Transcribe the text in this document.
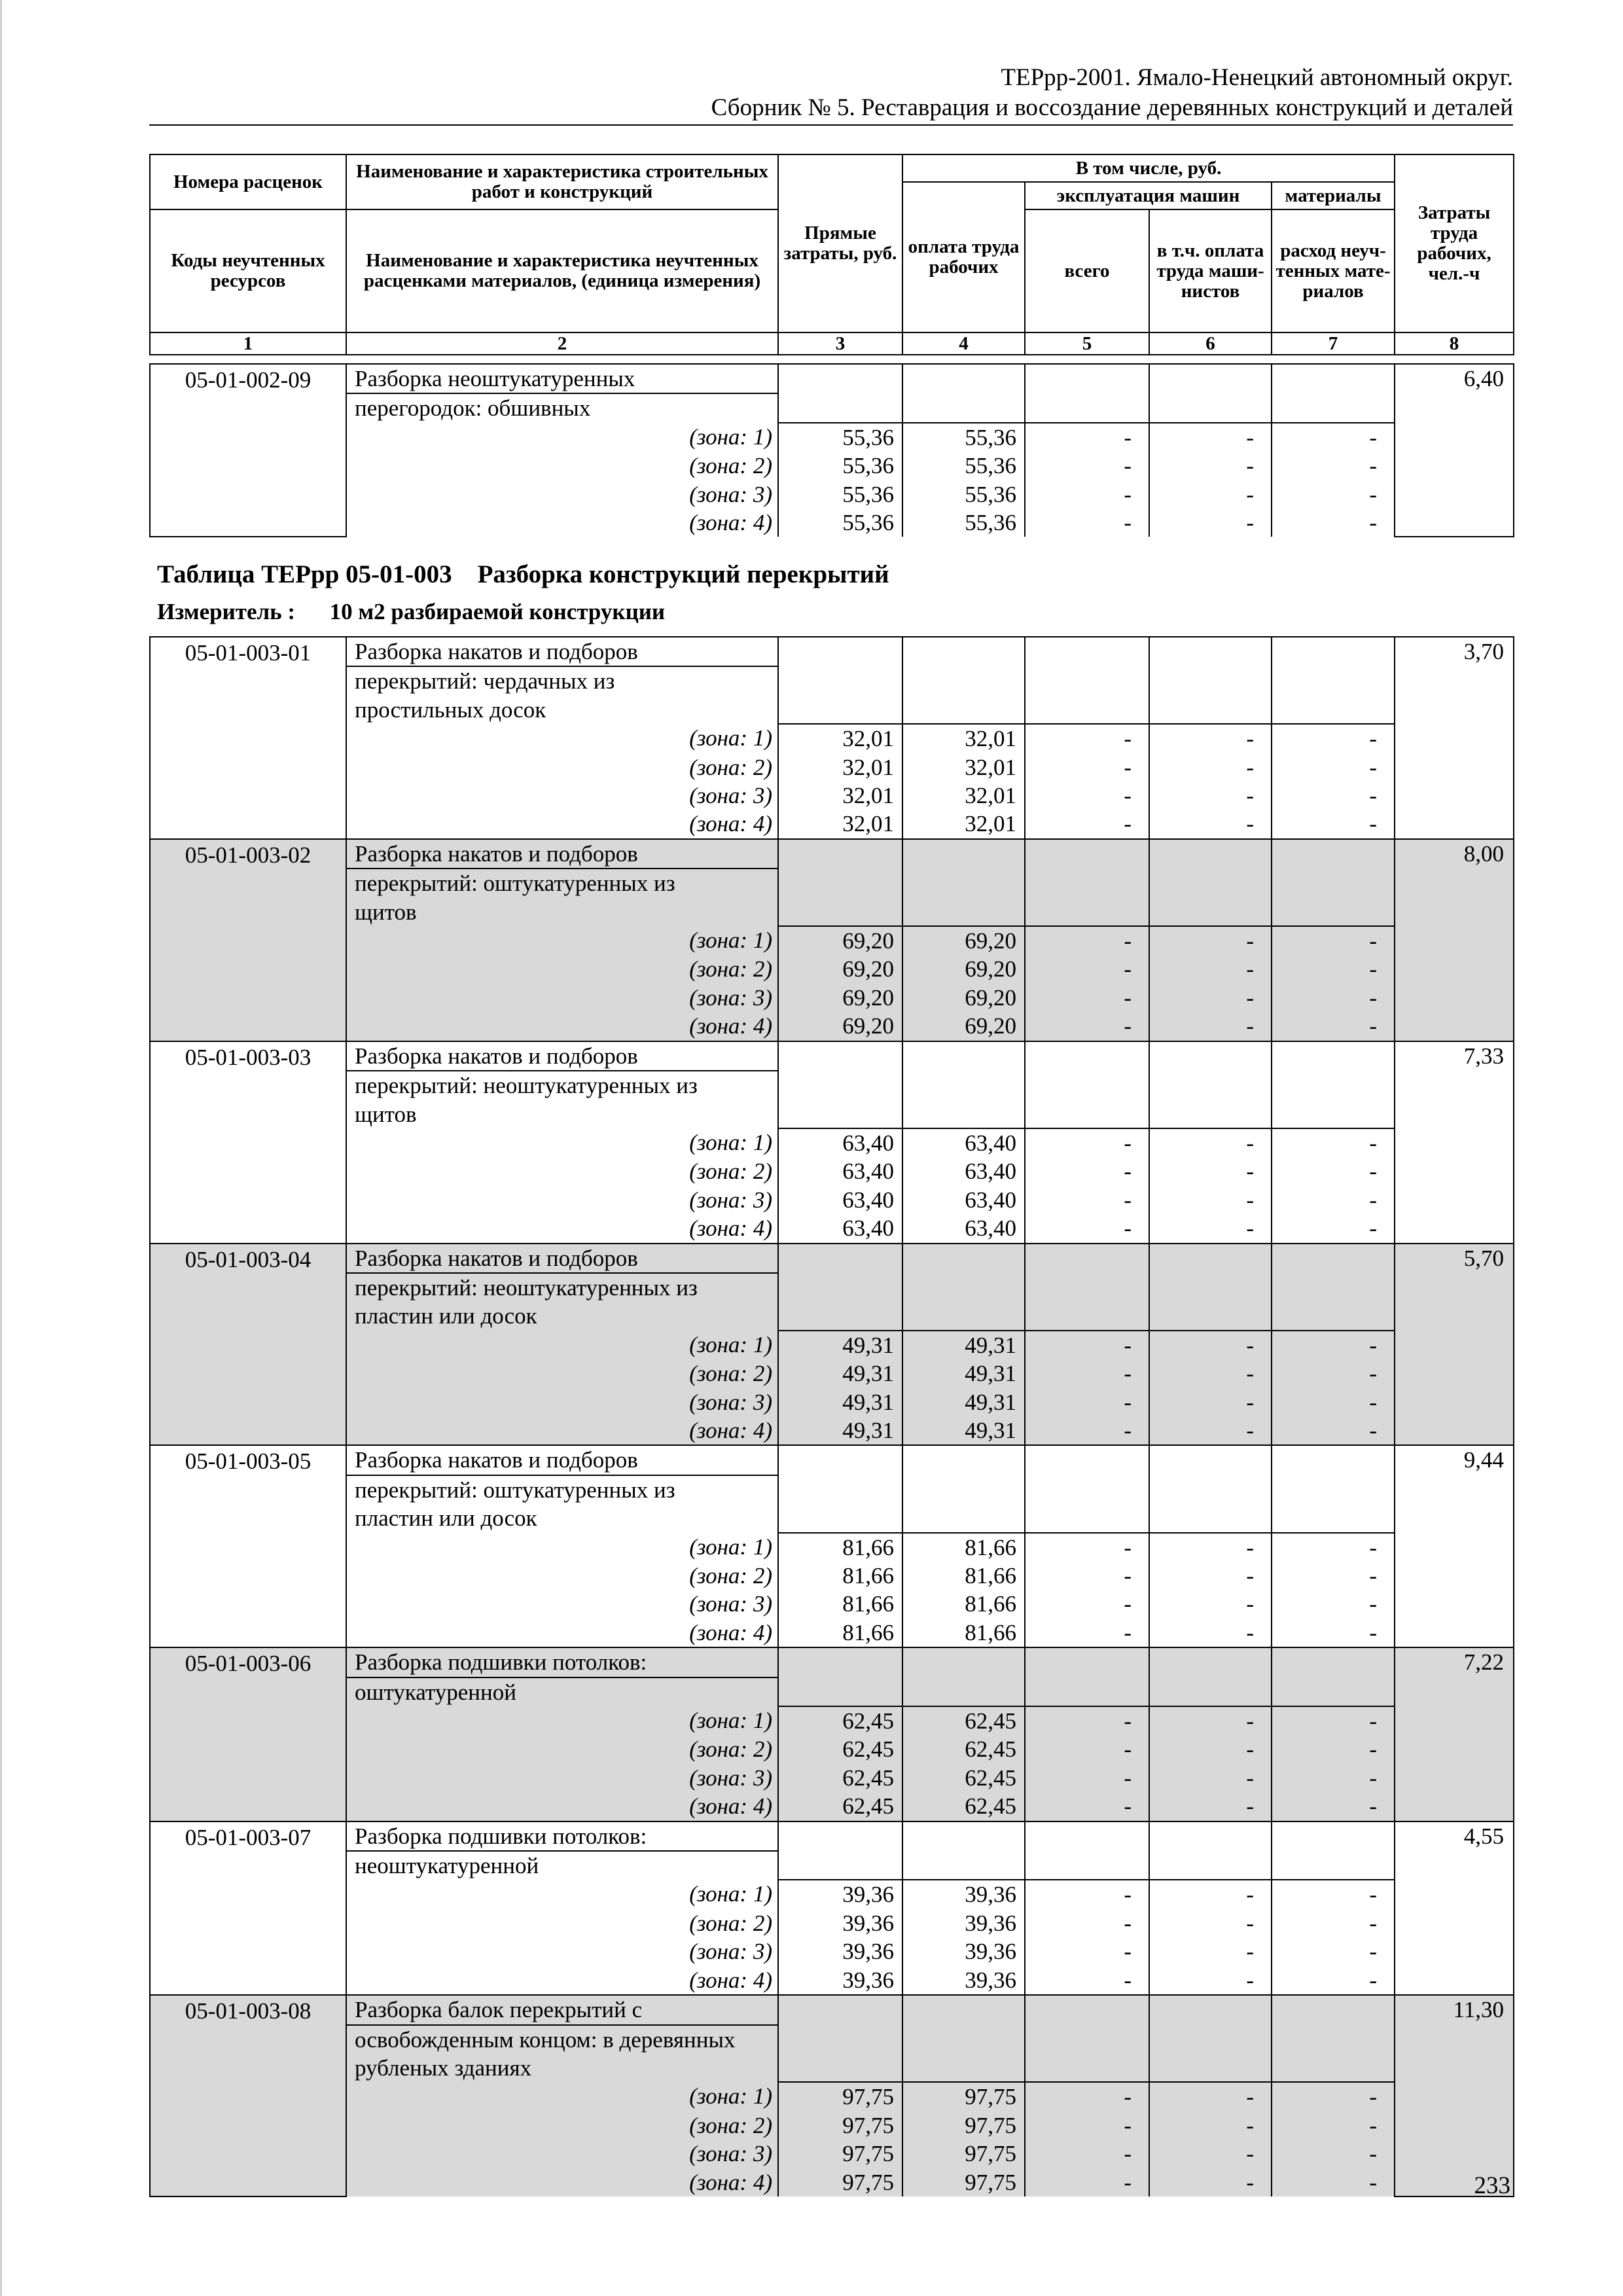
ТЕРрр-2001. Ямало-Ненецкий автономный округ.
Сборник № 5. Реставрация и воссоздание деревянных конструкций и деталей
Номера расценок	Наименование и характеристика строительных работ и конструкций	Прямые затраты, руб.	В том числе, руб.				Затраты труда рабочих, чел.-ч
			оплата труда рабочих	эксплуатация машин		материалы	
Коды неучтенных ресурсов	Наименование и характеристика неучтенных расценками материалов, (единица измерения)			всего	в т.ч. оплата труда маши-нистов	расход неуч-тенных мате-риалов	
1	2	3	4	5	6	7	8
05-01-002-09	Разборка неоштукатуренных						6,40
	перегородок: обшивных						
	(зона: 1)	55,36	55,36	-	-	-	
	(зона: 2)	55,36	55,36	-	-	-	
	(зона: 3)	55,36	55,36	-	-	-	
	(зона: 4)	55,36	55,36	-	-	-	
Таблица ТЕРрр 05-01-003    Разборка конструкций перекрытий
Измеритель :      10 м2 разбираемой конструкции
05-01-003-01	Разборка накатов и подборов						3,70
	перекрытий: чердачных из						
	простильных досок						
	(зона: 1)	32,01	32,01	-	-	-	
	(зона: 2)	32,01	32,01	-	-	-	
	(зона: 3)	32,01	32,01	-	-	-	
	(зона: 4)	32,01	32,01	-	-	-	
05-01-003-02	Разборка накатов и подборов						8,00
	перекрытий: оштукатуренных из						
	щитов						
	(зона: 1)	69,20	69,20	-	-	-	
	(зона: 2)	69,20	69,20	-	-	-	
	(зона: 3)	69,20	69,20	-	-	-	
	(зона: 4)	69,20	69,20	-	-	-	
05-01-003-03	Разборка накатов и подборов						7,33
	перекрытий: неоштукатуренных из						
	щитов						
	(зона: 1)	63,40	63,40	-	-	-	
	(зона: 2)	63,40	63,40	-	-	-	
	(зона: 3)	63,40	63,40	-	-	-	
	(зона: 4)	63,40	63,40	-	-	-	
05-01-003-04	Разборка накатов и подборов						5,70
	перекрытий: неоштукатуренных из						
	пластин или досок						
	(зона: 1)	49,31	49,31	-	-	-	
	(зона: 2)	49,31	49,31	-	-	-	
	(зона: 3)	49,31	49,31	-	-	-	
	(зона: 4)	49,31	49,31	-	-	-	
05-01-003-05	Разборка накатов и подборов						9,44
	перекрытий: оштукатуренных из						
	пластин или досок						
	(зона: 1)	81,66	81,66	-	-	-	
	(зона: 2)	81,66	81,66	-	-	-	
	(зона: 3)	81,66	81,66	-	-	-	
	(зона: 4)	81,66	81,66	-	-	-	
05-01-003-06	Разборка подшивки потолков:						7,22
	оштукатуренной						
	(зона: 1)	62,45	62,45	-	-	-	
	(зона: 2)	62,45	62,45	-	-	-	
	(зона: 3)	62,45	62,45	-	-	-	
	(зона: 4)	62,45	62,45	-	-	-	
05-01-003-07	Разборка подшивки потолков:						4,55
	неоштукатуренной						
	(зона: 1)	39,36	39,36	-	-	-	
	(зона: 2)	39,36	39,36	-	-	-	
	(зона: 3)	39,36	39,36	-	-	-	
	(зона: 4)	39,36	39,36	-	-	-	
05-01-003-08	Разборка балок перекрытий с						11,30
	освобожденным концом: в деревянных						
	рубленых зданиях						
	(зона: 1)	97,75	97,75	-	-	-	
	(зона: 2)	97,75	97,75	-	-	-	
	(зона: 3)	97,75	97,75	-	-	-	
	(зона: 4)	97,75	97,75	-	-	-		233
